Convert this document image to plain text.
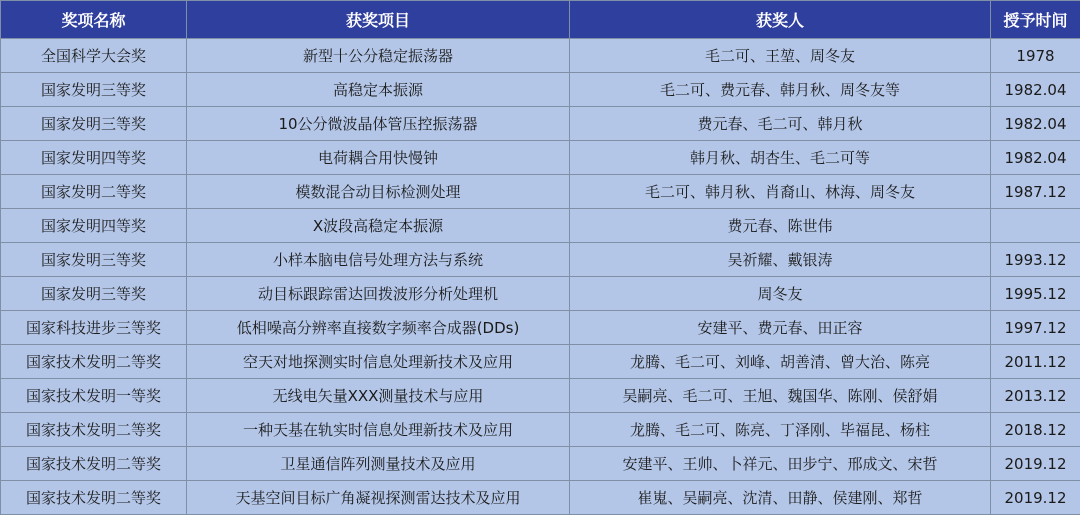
奖项名称	获奖项目	获奖人	授予时间
全国科学大会奖	新型十公分稳定振荡器	毛二可、王堃、周冬友	1978
国家发明三等奖	高稳定本振源	毛二可、费元春、韩月秋、周冬友等	1982.04
国家发明三等奖	10公分微波晶体管压控振荡器	费元春、毛二可、韩月秋	1982.04
国家发明四等奖	电荷耦合用快慢钟	韩月秋、胡杏生、毛二可等	1982.04
国家发明二等奖	模数混合动目标检测处理	毛二可、韩月秋、肖裔山、林海、周冬友	1987.12
国家发明四等奖	X波段高稳定本振源	费元春、陈世伟	
国家发明三等奖	小样本脑电信号处理方法与系统	吴祈耀、戴银涛	1993.12
国家发明三等奖	动目标跟踪雷达回拨波形分析处理机	周冬友	1995.12
国家科技进步三等奖	低相噪高分辨率直接数字频率合成器(DDs)	安建平、费元春、田正容	1997.12
国家技术发明二等奖	空天对地探测实时信息处理新技术及应用	龙腾、毛二可、刘峰、胡善清、曾大治、陈亮	2011.12
国家技术发明一等奖	无线电矢量XXX测量技术与应用	吴嗣亮、毛二可、王旭、魏国华、陈刚、侯舒娟	2013.12
国家技术发明二等奖	一种天基在轨实时信息处理新技术及应用	龙腾、毛二可、陈亮、丁泽刚、毕福昆、杨柱	2018.12
国家技术发明二等奖	卫星通信阵列测量技术及应用	安建平、王帅、卜祥元、田步宁、邢成文、宋哲	2019.12
国家技术发明二等奖	天基空间目标广角凝视探测雷达技术及应用	崔嵬、吴嗣亮、沈清、田静、侯建刚、郑哲	2019.12
